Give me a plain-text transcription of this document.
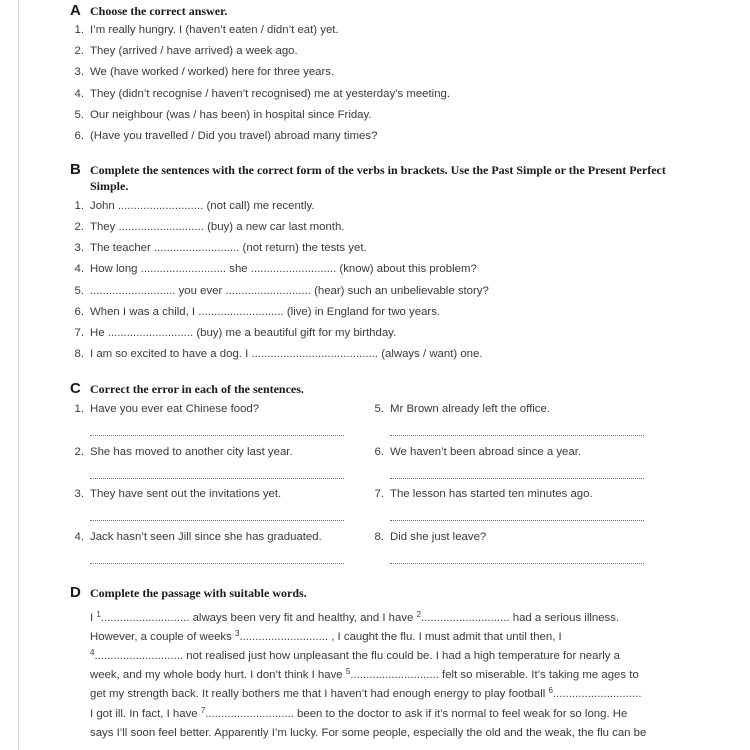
A Choose the correct answer.
1. I’m really hungry. I (haven’t eaten / didn’t eat) yet.
2. They (arrived / have arrived) a week ago.
3. We (have worked / worked) here for three years.
4. They (didn’t recognise / haven’t recognised) me at yesterday’s meeting.
5. Our neighbour (was / has been) in hospital since Friday.
6. (Have you travelled / Did you travel) abroad many times?
B Complete the sentences with the correct form of the verbs in brackets. Use the Past Simple or the Present Perfect Simple.
1. John ........................... (not call) me recently.
2. They ........................... (buy) a new car last month.
3. The teacher ........................... (not return) the tests yet.
4. How long ........................... she ........................... (know) about this problem?
5. ........................... you ever ........................... (hear) such an unbelievable story?
6. When I was a child, I ........................... (live) in England for two years.
7. He ........................... (buy) me a beautiful gift for my birthday.
8. I am so excited to have a dog. I ........................................ (always / want) one.
C Correct the error in each of the sentences.
1. Have you ever eat Chinese food?
2. She has moved to another city last year.
3. They have sent out the invitations yet.
4. Jack hasn’t seen Jill since she has graduated.
5. Mr Brown already left the office.
6. We haven’t been abroad since a year.
7. The lesson has started ten minutes ago.
8. Did she just leave?
D Complete the passage with suitable words.
I $^1$............................ always been very fit and healthy, and I have $^2$............................ had a serious illness.
However, a couple of weeks $^3$............................ , I caught the flu. I must admit that until then, I
$^4$............................ not realised just how unpleasant the flu could be. I had a high temperature for nearly a
week, and my whole body hurt. I don’t think I have $^5$............................ felt so miserable. It’s taking me ages to
get my strength back. It really bothers me that I haven’t had enough energy to play football $^6$............................
I got ill. In fact, I have $^7$............................ been to the doctor to ask if it’s normal to feel weak for so long. He
says I’ll soon feel better. Apparently I’m lucky. For some people, especially the old and the weak, the flu can be
